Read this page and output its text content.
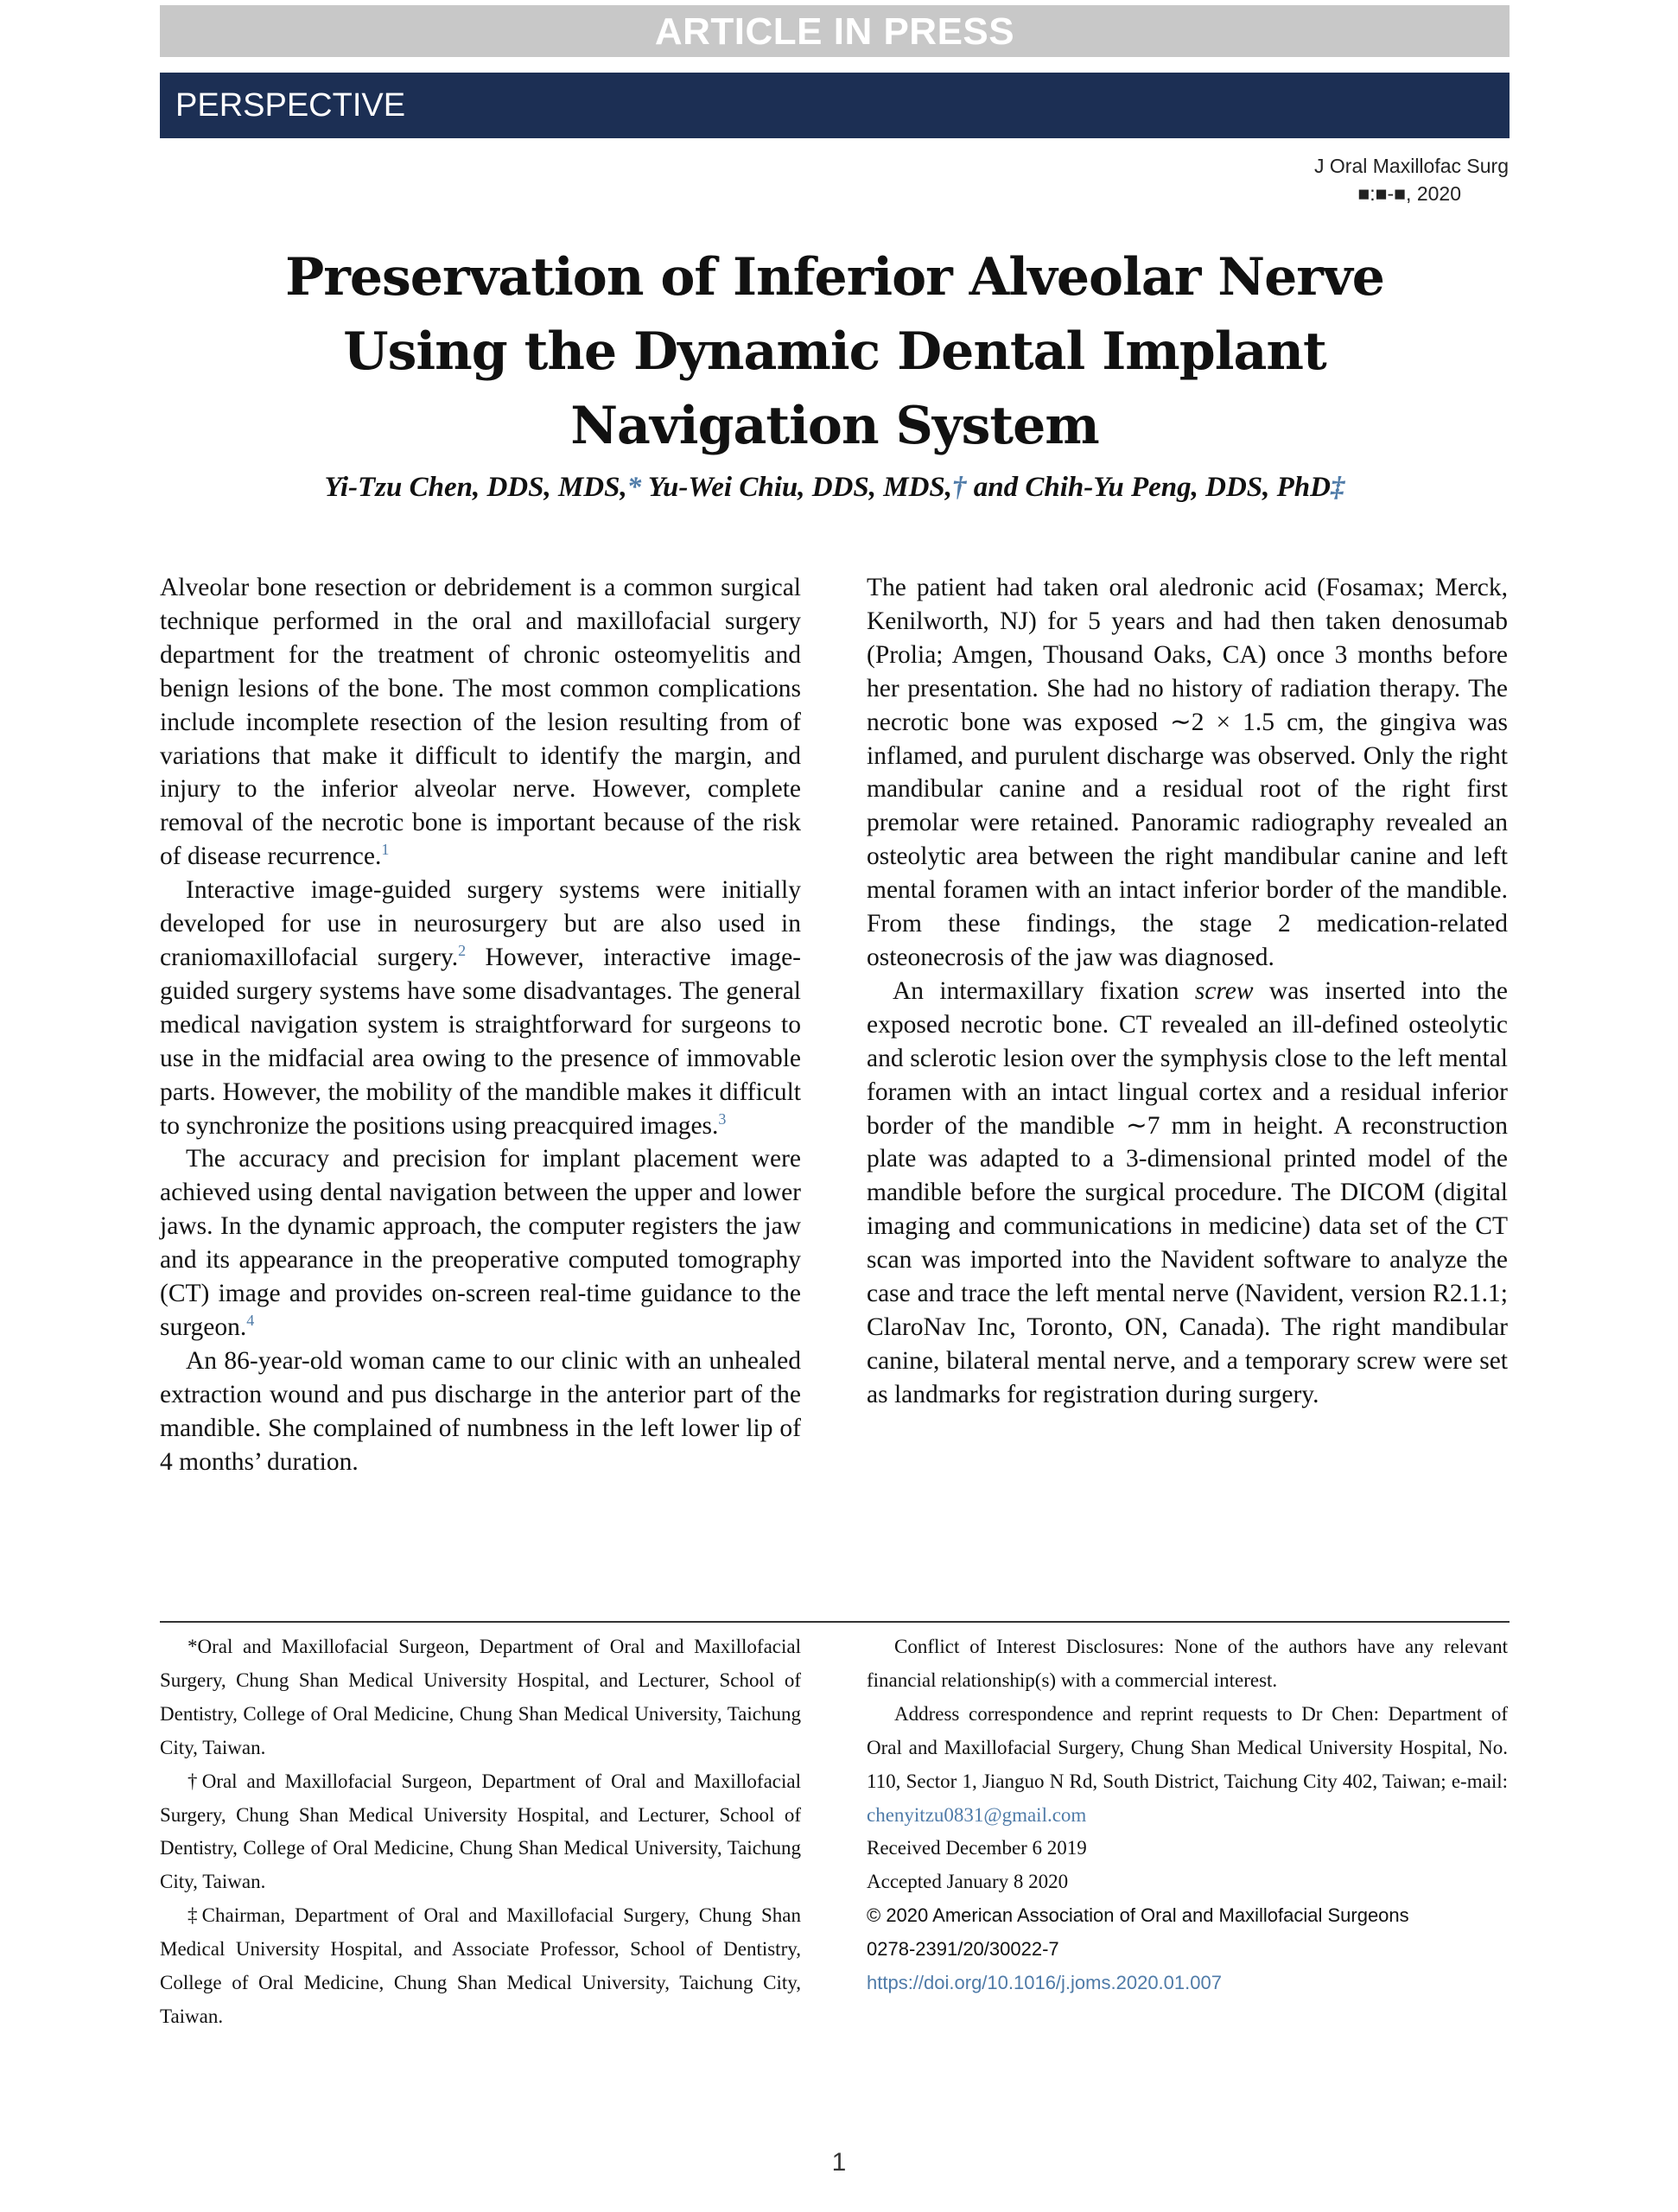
ARTICLE IN PRESS
PERSPECTIVE
J Oral Maxillofac Surg
■:■-■, 2020
Preservation of Inferior Alveolar Nerve
Using the Dynamic Dental Implant
Navigation System
Yi-Tzu Chen, DDS, MDS,* Yu-Wei Chiu, DDS, MDS,† and Chih-Yu Peng, DDS, PhD‡

Alveolar bone resection or debridement is a common surgical technique performed in the oral and maxillofacial surgery department for the treatment of chronic osteomyelitis and benign lesions of the bone. The most common complications include incomplete resection of the lesion resulting from of variations that make it difficult to identify the margin, and injury to the inferior alveolar nerve. However, complete removal of the necrotic bone is important because of the risk of disease recurrence.$^1$

Interactive image-guided surgery systems were initially developed for use in neurosurgery but are also used in craniomaxillofacial surgery.$^2$ However, interactive image-guided surgery systems have some disadvantages. The general medical navigation system is straightforward for surgeons to use in the midfacial area owing to the presence of immovable parts. However, the mobility of the mandible makes it difficult to synchronize the positions using preacquired images.$^3$

The accuracy and precision for implant placement were achieved using dental navigation between the upper and lower jaws. In the dynamic approach, the computer registers the jaw and its appearance in the preoperative computed tomography (CT) image and provides on-screen real-time guidance to the surgeon.$^4$

An 86-year-old woman came to our clinic with an unhealed extraction wound and pus discharge in the anterior part of the mandible. She complained of numbness in the left lower lip of 4 months’ duration.

The patient had taken oral aledronic acid (Fosamax; Merck, Kenilworth, NJ) for 5 years and had then taken denosumab (Prolia; Amgen, Thousand Oaks, CA) once 3 months before her presentation. She had no history of radiation therapy. The necrotic bone was exposed ∼2 × 1.5 cm, the gingiva was inflamed, and purulent discharge was observed. Only the right mandibular canine and a residual root of the right first premolar were retained. Panoramic radiography revealed an osteolytic area between the right mandibular canine and left mental foramen with an intact inferior border of the mandible. From these findings, the stage 2 medication-related osteonecrosis of the jaw was diagnosed.

An intermaxillary fixation screw was inserted into the exposed necrotic bone. CT revealed an ill-defined osteolytic and sclerotic lesion over the symphysis close to the left mental foramen with an intact lingual cortex and a residual inferior border of the mandible ∼7 mm in height. A reconstruction plate was adapted to a 3-dimensional printed model of the mandible before the surgical procedure. The DICOM (digital imaging and communications in medicine) data set of the CT scan was imported into the Navident software to analyze the case and trace the left mental nerve (Navident, version R2.1.1; ClaroNav Inc, Toronto, ON, Canada). The right mandibular canine, bilateral mental nerve, and a temporary screw were set as landmarks for registration during surgery.

*Oral and Maxillofacial Surgeon, Department of Oral and Maxillofacial Surgery, Chung Shan Medical University Hospital, and Lecturer, School of Dentistry, College of Oral Medicine, Chung Shan Medical University, Taichung City, Taiwan.

†Oral and Maxillofacial Surgeon, Department of Oral and Maxillofacial Surgery, Chung Shan Medical University Hospital, and Lecturer, School of Dentistry, College of Oral Medicine, Chung Shan Medical University, Taichung City, Taiwan.

‡Chairman, Department of Oral and Maxillofacial Surgery, Chung Shan Medical University Hospital, and Associate Professor, School of Dentistry, College of Oral Medicine, Chung Shan Medical University, Taichung City, Taiwan.

Conflict of Interest Disclosures: None of the authors have any relevant financial relationship(s) with a commercial interest.

Address correspondence and reprint requests to Dr Chen: Department of Oral and Maxillofacial Surgery, Chung Shan Medical University Hospital, No. 110, Sector 1, Jianguo N Rd, South District, Taichung City 402, Taiwan; e-mail: chenyitzu0831@gmail.com

Received December 6 2019

Accepted January 8 2020

© 2020 American Association of Oral and Maxillofacial Surgeons

0278-2391/20/30022-7

https://doi.org/10.1016/j.joms.2020.01.007

1
